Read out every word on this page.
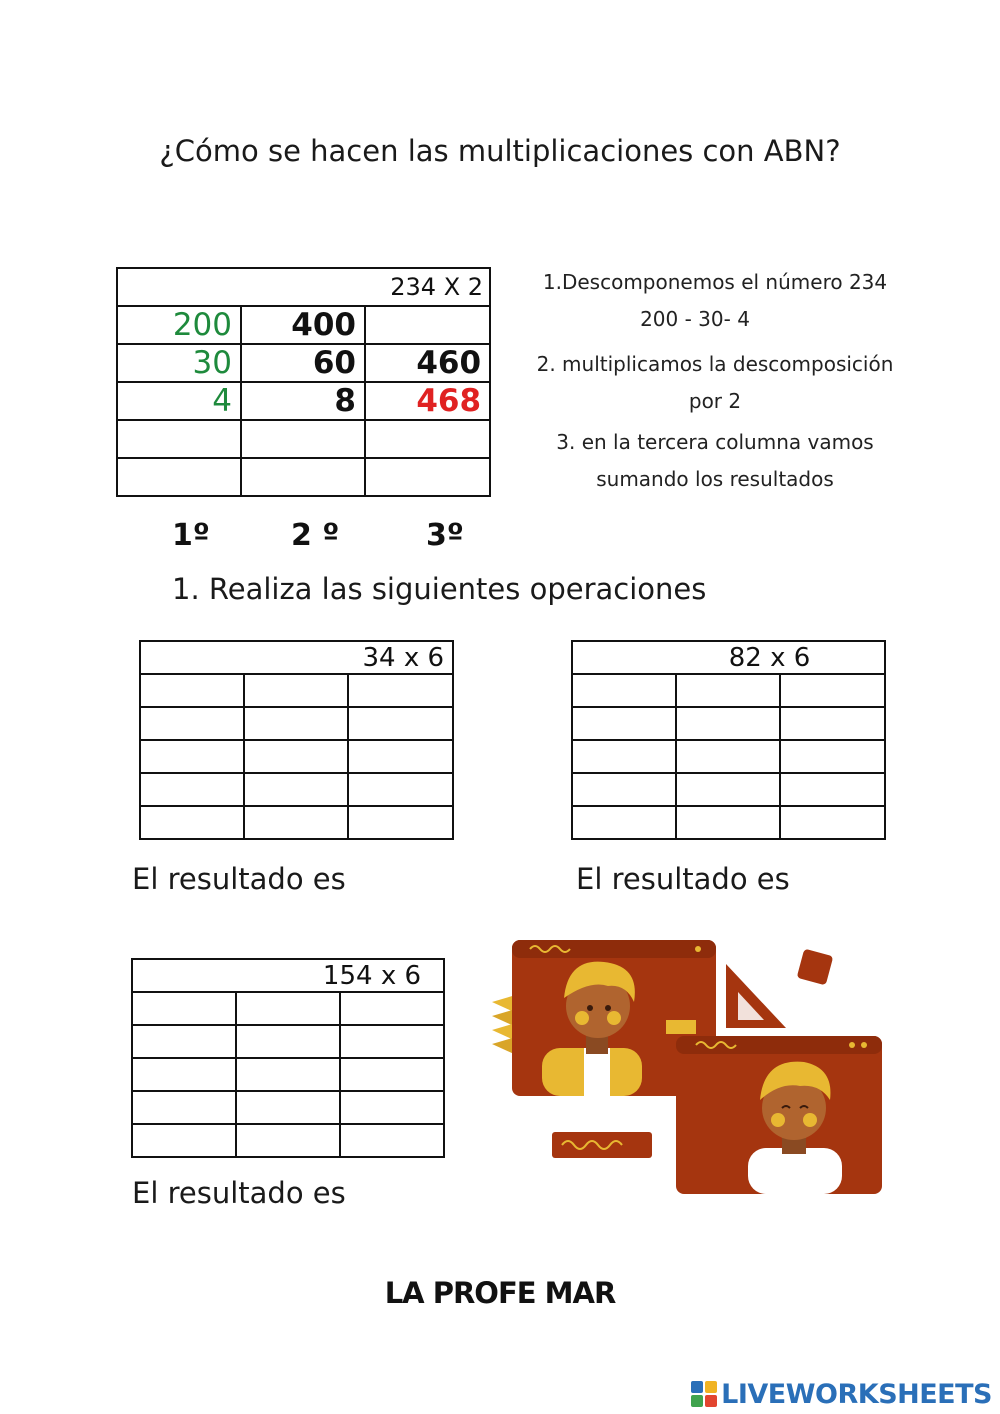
¿Cómo se hacen las multiplicaciones con ABN?
234 X 2		
200	400	
30	60	460
4	8	468

1.Descomponemos el número 234
200 - 30- 4
2. multiplicamos la descomposición
por 2
3. en la tercera columna vamos
sumando los resultados
1º	2 º	3º
1. Realiza las siguientes operaciones
34 x 6		

El resultado es
82 x 6		

El resultado es
154 x 6		

El resultado es
LA PROFE MAR
LIVEWORKSHEETS
